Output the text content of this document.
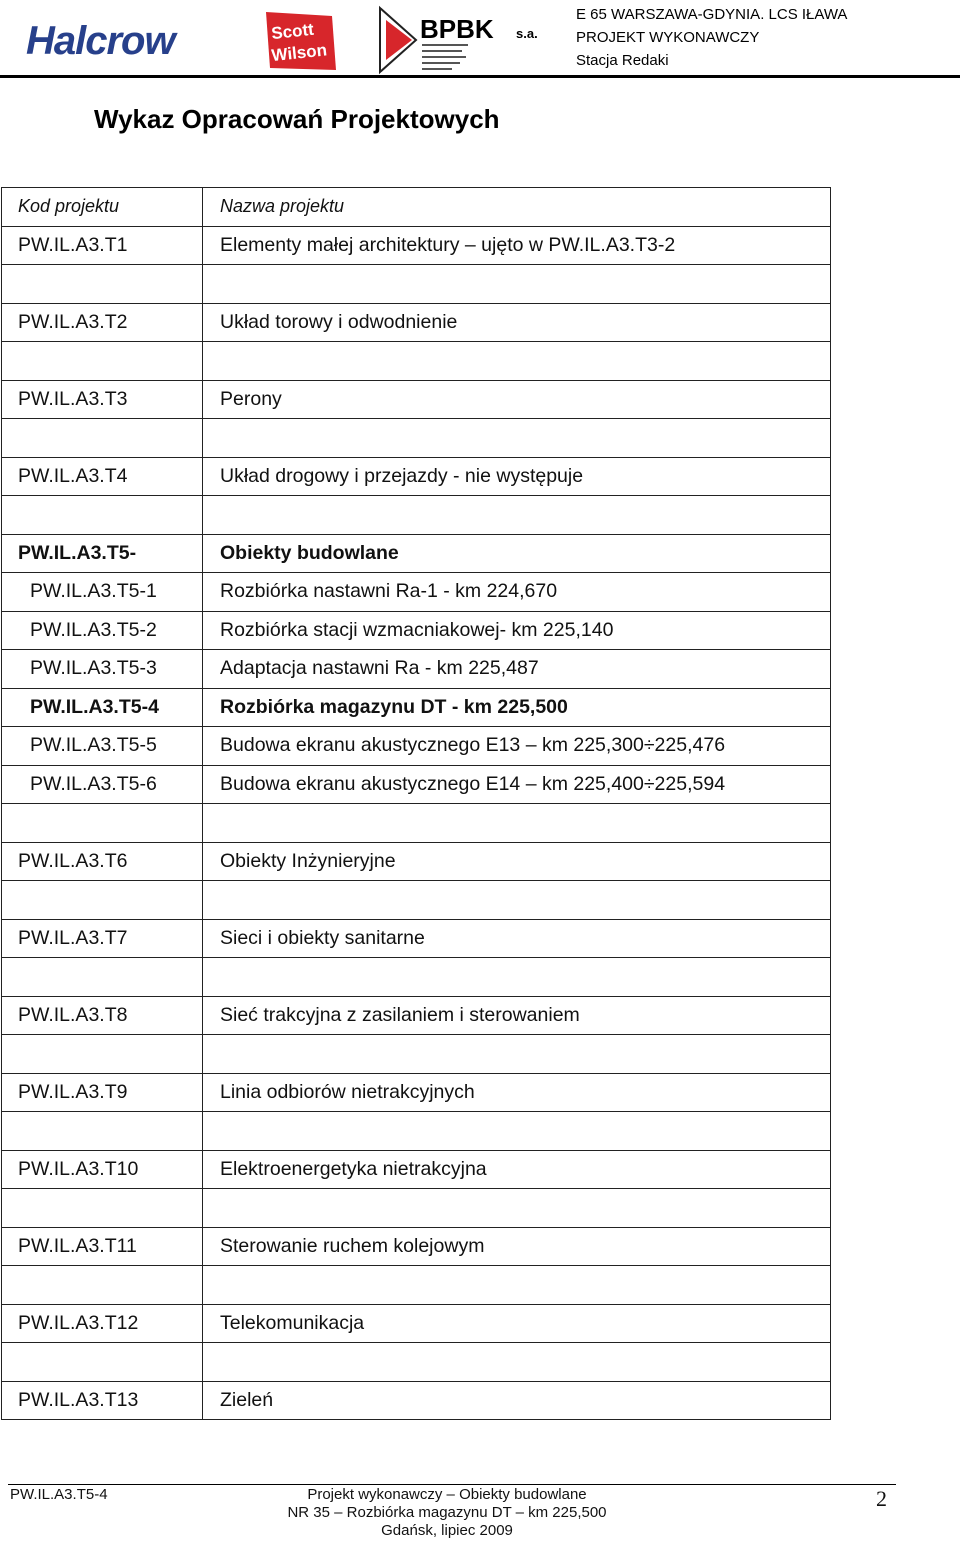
Halcrow	Scott
Wilson
BPBK s.a.
E 65 WARSZAWA-GDYNIA. LCS IŁAWA
PROJEKT WYKONAWCZY
Stacja Redaki
Wykaz Opracowań Projektowych
Kod projektu	Nazwa projektu
PW.IL.A3.T1	Elementy małej architektury – ujęto w PW.IL.A3.T3-2

PW.IL.A3.T2	Układ torowy i odwodnienie

PW.IL.A3.T3	Perony

PW.IL.A3.T4	Układ drogowy i przejazdy - nie występuje

PW.IL.A3.T5-	Obiekty budowlane
PW.IL.A3.T5-1	Rozbiórka nastawni Ra-1 - km 224,670
PW.IL.A3.T5-2	Rozbiórka stacji wzmacniakowej- km 225,140
PW.IL.A3.T5-3	Adaptacja nastawni Ra - km 225,487
PW.IL.A3.T5-4	Rozbiórka magazynu DT - km 225,500
PW.IL.A3.T5-5	Budowa ekranu akustycznego E13 – km 225,300÷225,476
PW.IL.A3.T5-6	Budowa ekranu akustycznego E14 – km 225,400÷225,594

PW.IL.A3.T6	Obiekty Inżynieryjne

PW.IL.A3.T7	Sieci i obiekty sanitarne

PW.IL.A3.T8	Sieć trakcyjna z zasilaniem i sterowaniem

PW.IL.A3.T9	Linia odbiorów nietrakcyjnych

PW.IL.A3.T10	Elektroenergetyka nietrakcyjna

PW.IL.A3.T11	Sterowanie ruchem kolejowym

PW.IL.A3.T12	Telekomunikacja

PW.IL.A3.T13	Zieleń
PW.IL.A3.T5-4	Projekt wykonawczy – Obiekty budowlane
NR 35 – Rozbiórka magazynu DT – km 225,500
Gdańsk, lipiec 2009
2
